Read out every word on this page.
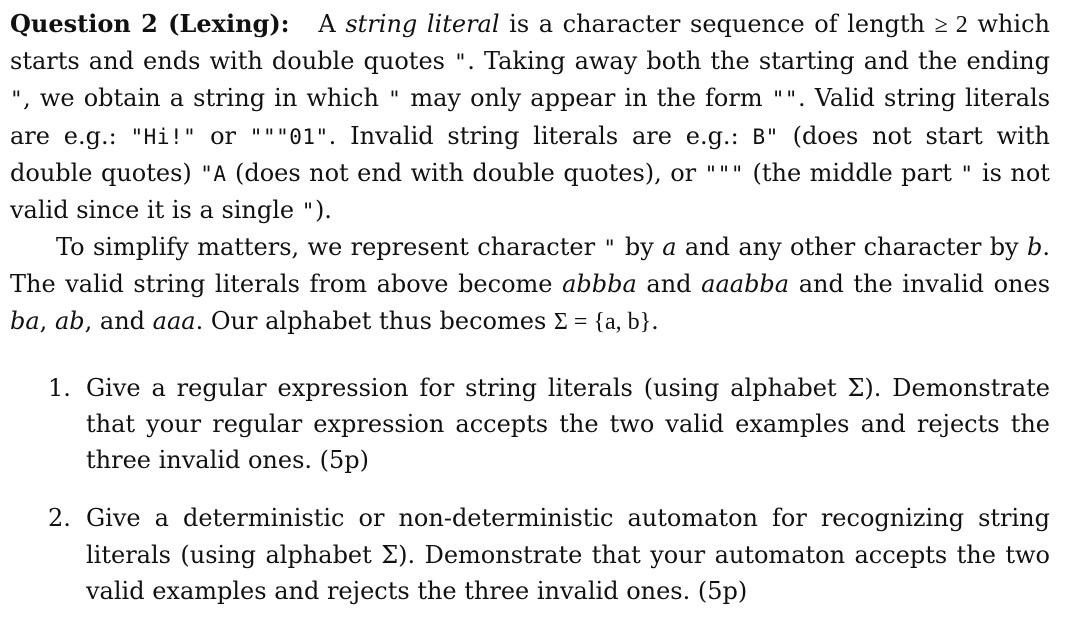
Question 2 (Lexing): A string literal is a character sequence of length ≥ 2 which starts and ends with double quotes ". Taking away both the starting and the ending ", we obtain a string in which " may only appear in the form "". Valid string literals are e.g.: "Hi!" or """01". Invalid string literals are e.g.: B" (does not start with double quotes) "A (does not end with double quotes), or """ (the middle part " is not valid since it is a single ").

To simplify matters, we represent character " by a and any other character by b. The valid string literals from above become abbba and aaabba and the invalid ones ba, ab, and aaa. Our alphabet thus becomes Σ = {a, b}.

1. Give a regular expression for string literals (using alphabet Σ). Demonstrate that your regular expression accepts the two valid examples and rejects the three invalid ones. (5p)
2. Give a deterministic or non-deterministic automaton for recognizing string literals (using alphabet Σ). Demonstrate that your automaton accepts the two valid examples and rejects the three invalid ones. (5p)
